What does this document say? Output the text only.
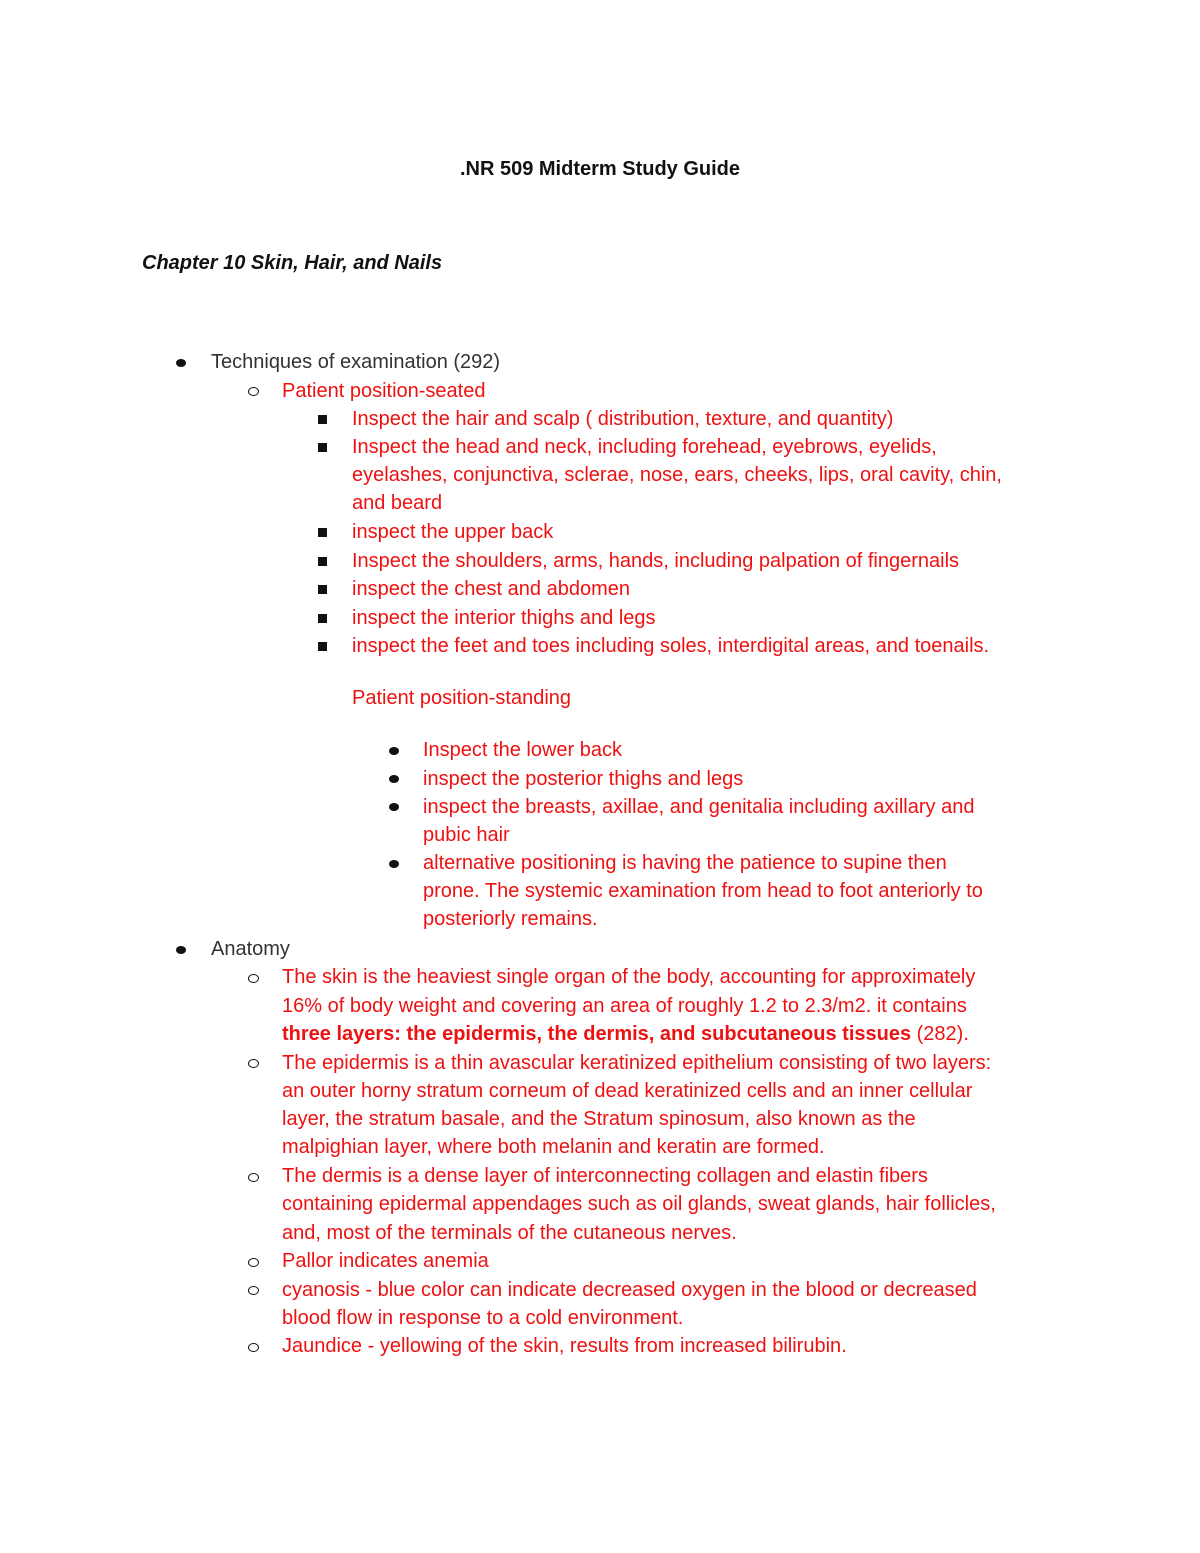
.NR 509 Midterm Study Guide
Chapter 10 Skin, Hair, and Nails
Techniques of examination (292)
Patient position-seated
Inspect the hair and scalp ( distribution, texture, and quantity)
Inspect the head and neck, including forehead, eyebrows, eyelids,
eyelashes, conjunctiva, sclerae, nose, ears, cheeks, lips, oral cavity, chin,
and beard
inspect the upper back
Inspect the shoulders, arms, hands, including palpation of fingernails
inspect the chest and abdomen
inspect the interior thighs and legs
inspect the feet and toes including soles, interdigital areas, and toenails.
Patient position-standing
Inspect the lower back
inspect the posterior thighs and legs
inspect the breasts, axillae, and genitalia including axillary and
pubic hair
alternative positioning is having the patience to supine then
prone. The systemic examination from head to foot anteriorly to
posteriorly remains.
Anatomy
The skin is the heaviest single organ of the body, accounting for approximately
16% of body weight and covering an area of roughly 1.2 to 2.3/m2. it contains
three layers: the epidermis, the dermis, and subcutaneous tissues (282).
The epidermis is a thin avascular keratinized epithelium consisting of two layers:
an outer horny stratum corneum of dead keratinized cells and an inner cellular
layer, the stratum basale, and the Stratum spinosum, also known as the
malpighian layer, where both melanin and keratin are formed.
The dermis is a dense layer of interconnecting collagen and elastin fibers
containing epidermal appendages such as oil glands, sweat glands, hair follicles,
and, most of the terminals of the cutaneous nerves.
Pallor indicates anemia
cyanosis - blue color can indicate decreased oxygen in the blood or decreased
blood flow in response to a cold environment.
Jaundice - yellowing of the skin, results from increased bilirubin.
